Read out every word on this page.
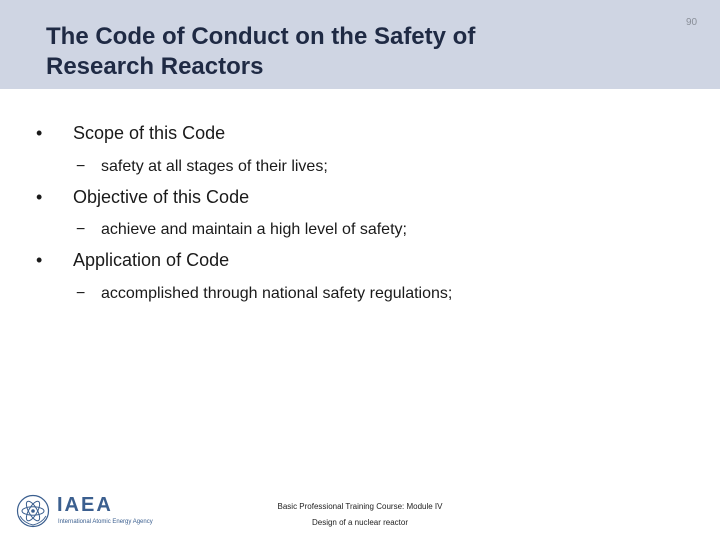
The Code of Conduct on the Safety of
Research Reactors
90
•	Scope of this Code
− safety at all stages of their lives;
•	Objective of this Code
− achieve and maintain a high level of safety;
•	Application of Code
− accomplished through national safety regulations;
IAEA
International Atomic Energy Agency
Basic Professional Training Course: Module IV
Design of a nuclear reactor
